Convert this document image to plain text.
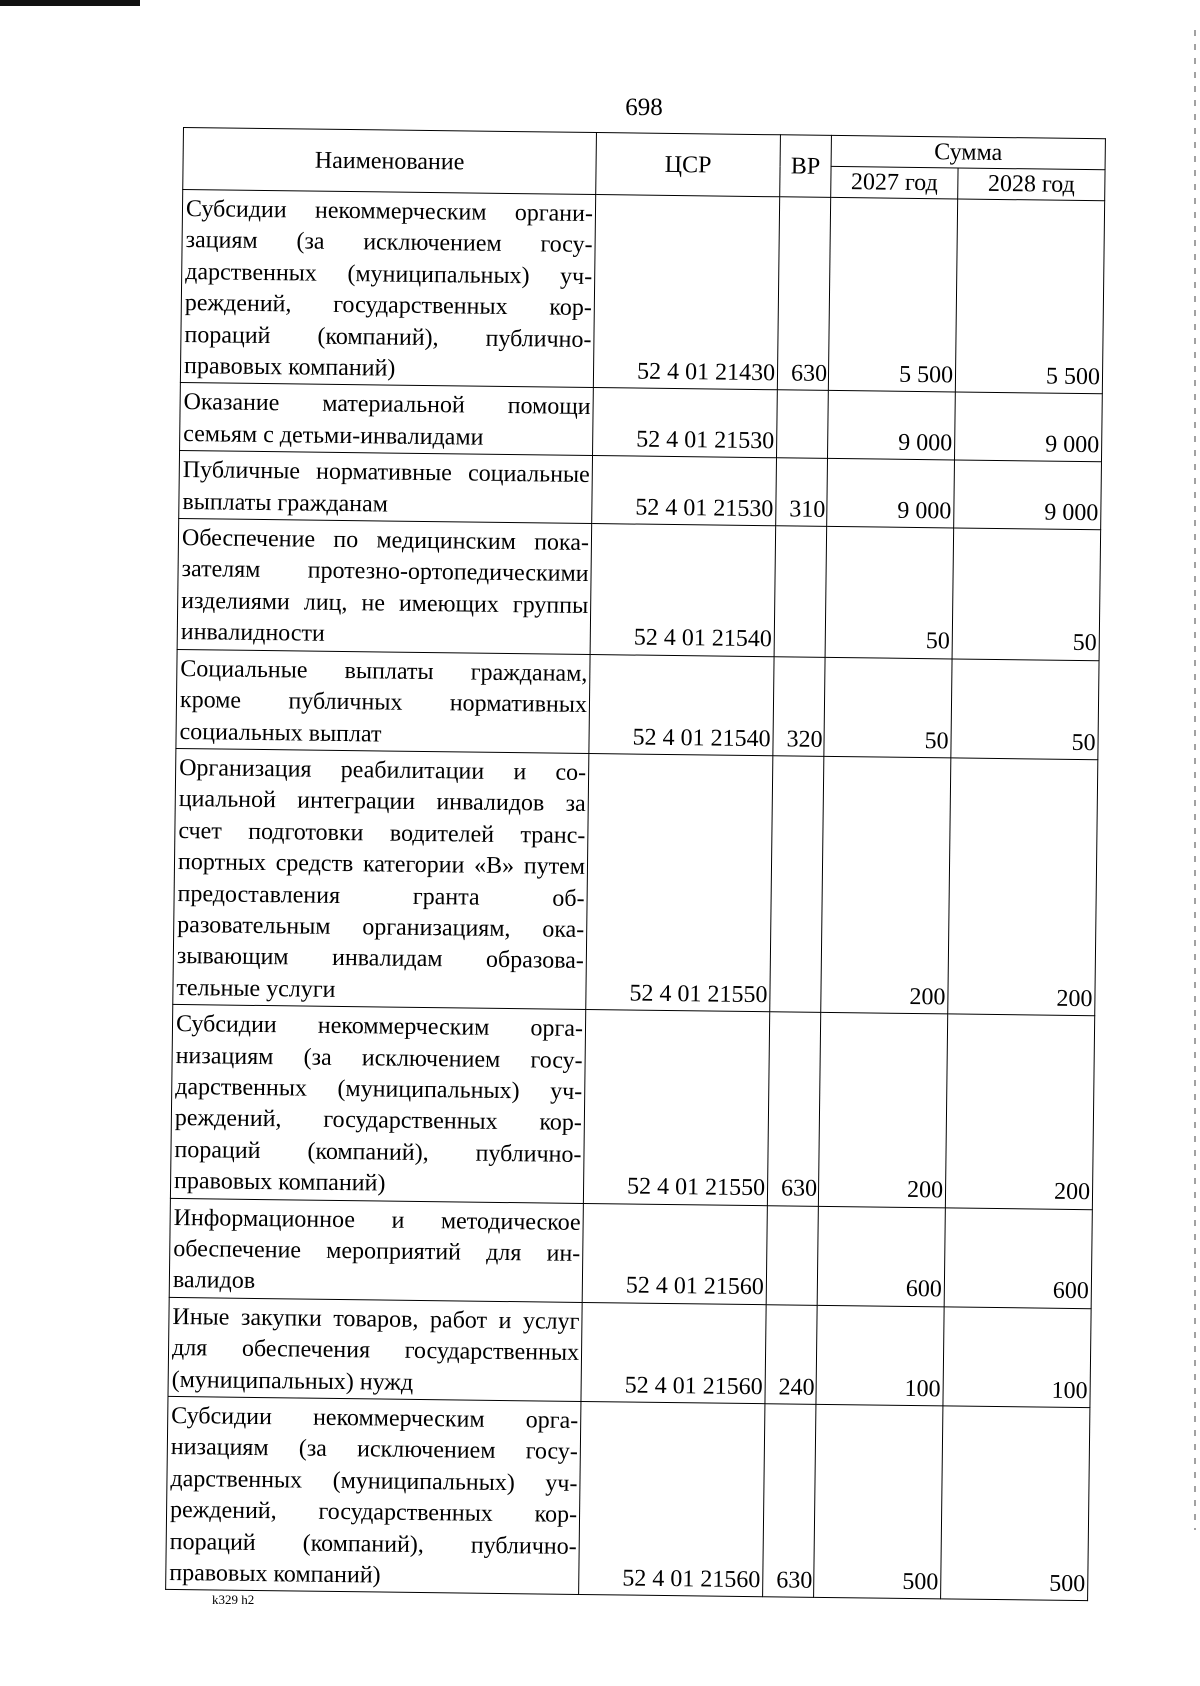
698
Наименование	ЦСР	ВР	Сумма	
			2027 год	2028 год
Субсидии некоммерческим организациям (за исключением государственных (муниципальных) учреждений, государственных корпораций (компаний), публично-правовых компаний)	52 4 01 21430	630	5 500	5 500
Оказание материальной помощи семьям с детьми-инвалидами	52 4 01 21530		9 000	9 000
Публичные нормативные социальные выплаты гражданам	52 4 01 21530	310	9 000	9 000
Обеспечение по медицинским показателям протезно-ортопедическими изделиями лиц, не имеющих группы инвалидности	52 4 01 21540		50	50
Социальные выплаты гражданам, кроме публичных нормативных социальных выплат	52 4 01 21540	320	50	50
Организация реабилитации и социальной интеграции инвалидов за счет подготовки водителей транспортных средств категории «В» путем предоставления гранта образовательным организациям, оказывающим инвалидам образовательные услуги	52 4 01 21550		200	200
Субсидии некоммерческим организациям (за исключением государственных (муниципальных) учреждений, государственных корпораций (компаний), публично-правовых компаний)	52 4 01 21550	630	200	200
Информационное и методическое обеспечение мероприятий для инвалидов	52 4 01 21560		600	600
Иные закупки товаров, работ и услуг для обеспечения государственных (муниципальных) нужд	52 4 01 21560	240	100	100
Субсидии некоммерческим организациям (за исключением государственных (муниципальных) учреждений, государственных корпораций (компаний), публично-правовых компаний)	52 4 01 21560	630	500	500
k329 h2
